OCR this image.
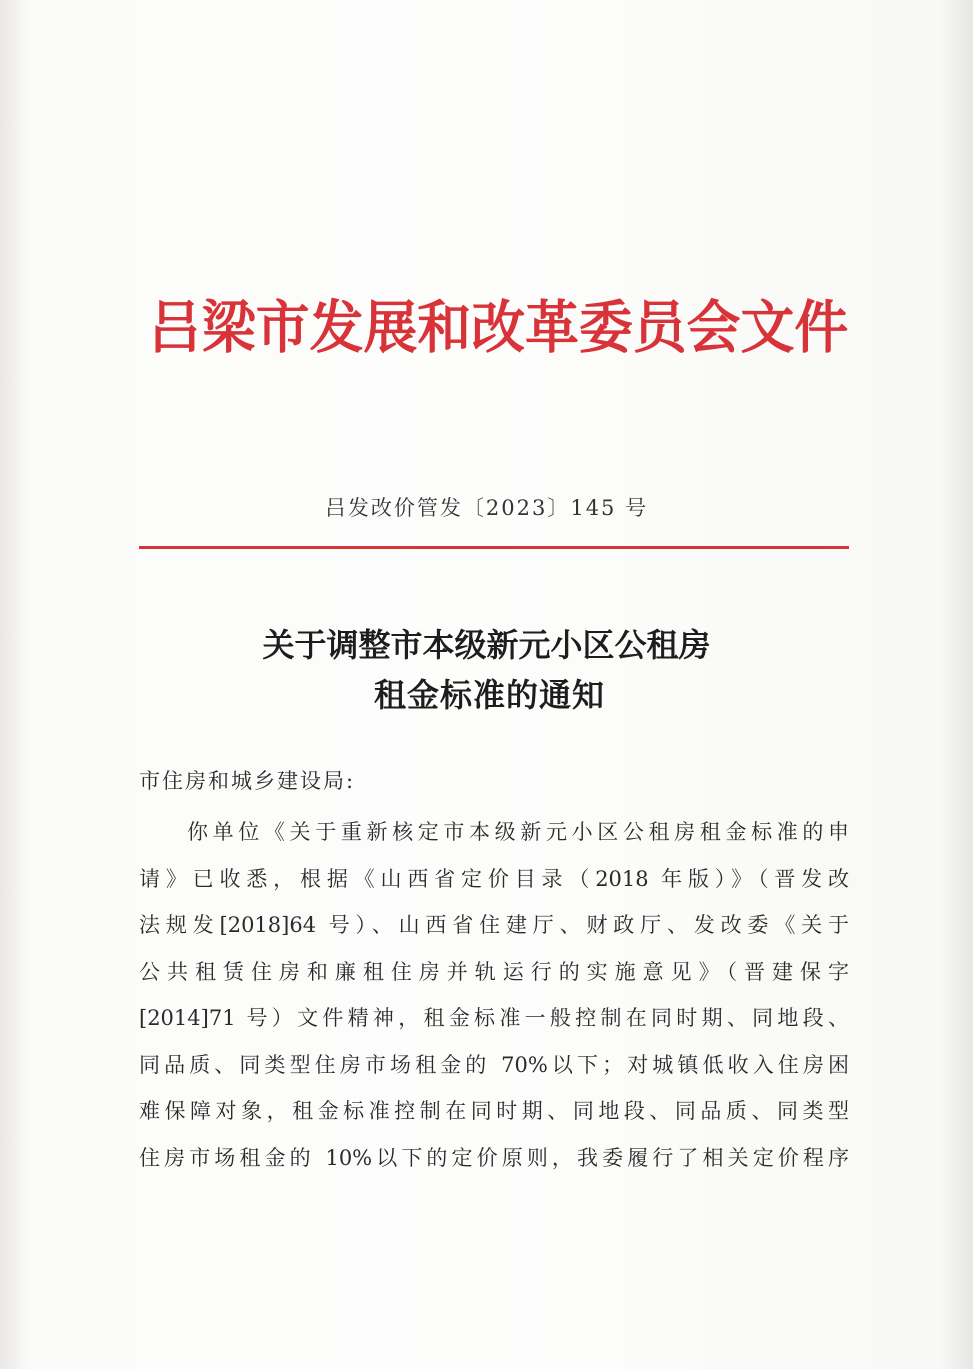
吕梁市发展和改革委员会文件
吕发改价管发〔2023〕145 号
关于调整市本级新元小区公租房
租金标准的通知
市住房和城乡建设局:
你单位《关于重新核定市本级新元小区公租房租金标准的申
请》已收悉，根据《山西省定价目录（2018 年版）》（晋发改
法规发[2018]64 号）、山西省住建厅、财政厅、发改委《关于
公共租赁住房和廉租住房并轨运行的实施意见》（晋建保字
[2014]71 号）文件精神，租金标准一般控制在同时期、同地段、
同品质、同类型住房市场租金的 70%以下；对城镇低收入住房困
难保障对象，租金标准控制在同时期、同地段、同品质、同类型
住房市场租金的 10%以下的定价原则，我委履行了相关定价程序
